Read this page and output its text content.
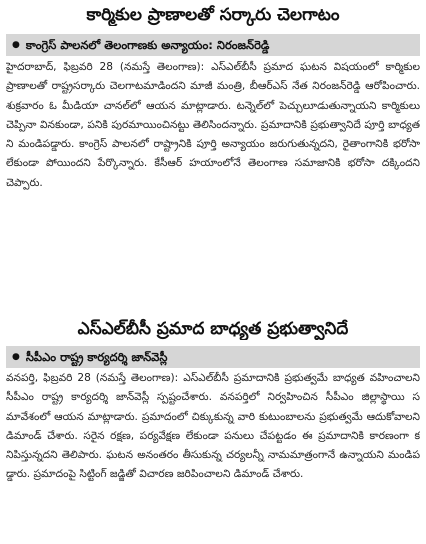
కార్మికుల ప్రాణాలతో సర్కారు చెలగాటం
● కాంగ్రెస్ పాలనలో తెలంగాణకు అన్యాయం: నిరంజన్‌రెడ్డి
హైదరాబాద్, ఫిబ్రవరి 28 (నమస్తే తెలంగాణ): ఎస్ఎల్‌బీసీ ప్రమాద ఘటన విషయంలో కార్మికుల ప్రాణాలతో రాష్ట్రసర్కారు చెలగాటమాడిందని మాజీ మంత్రి, బీఆర్ఎస్ నేత నిరంజన్‌రెడ్డి ఆరోపించారు. శుక్రవారం ఓ మీడియా చానల్‌లో ఆయన మాట్లాడారు. టన్నెల్‌లో పెచ్చులూడుతున్నాయని కార్మికులు చెప్పినా వినకుండా, పనికి పురమాయించినట్టు తెలిసిందన్నారు. ప్రమాదానికి ప్రభుత్వానిదే పూర్తి బాధ్యతని మండిపడ్డారు. కాంగ్రెస్ పాలనలో రాష్ట్రానికి పూర్తి అన్యాయం జరుగుతున్నదని, రైతాంగానికి భరోసా లేకుండా పోయిందని పేర్కొన్నారు. కేసీఆర్ హయాంలోనే తెలంగాణ సమాజానికి భరోసా దక్కిందని చెప్పారు.
ఎస్ఎల్‌బీసీ ప్రమాద బాధ్యత ప్రభుత్వానిదే
● సీపీఎం రాష్ట్ర కార్యదర్శి జాన్‌వెస్లీ
వనపర్తి, ఫిబ్రవరి 28 (నమస్తే తెలంగాణ): ఎస్ఎల్‌బీసీ ప్రమాదానికి ప్రభుత్వమే బాధ్యత వహించాలని సీపీఎం రాష్ట్ర కార్యదర్శి జాన్‌వెస్లీ స్పష్టంచేశారు. వనపర్తిలో నిర్వహించిన సీపీఎం జిల్లాస్థాయి సమావేశంలో ఆయన మాట్లాడారు. ప్రమాదంలో చిక్కుకున్న వారి కుటుంబాలను ప్రభుత్వమే ఆదుకోవాలని డిమాండ్ చేశారు. సరైన రక్షణ, పర్యవేక్షణ లేకుండా పనులు చేపట్టడం ఈ ప్రమాదానికి కారణంగా కనిపిస్తున్నదని తెలిపారు. ఘటన అనంతరం తీసుకున్న చర్యలన్నీ నామమాత్రంగానే ఉన్నాయని మండిపడ్డారు. ప్రమాదంపై సిట్టింగ్ జడ్జితో విచారణ జరిపించాలని డిమాండ్ చేశారు.
